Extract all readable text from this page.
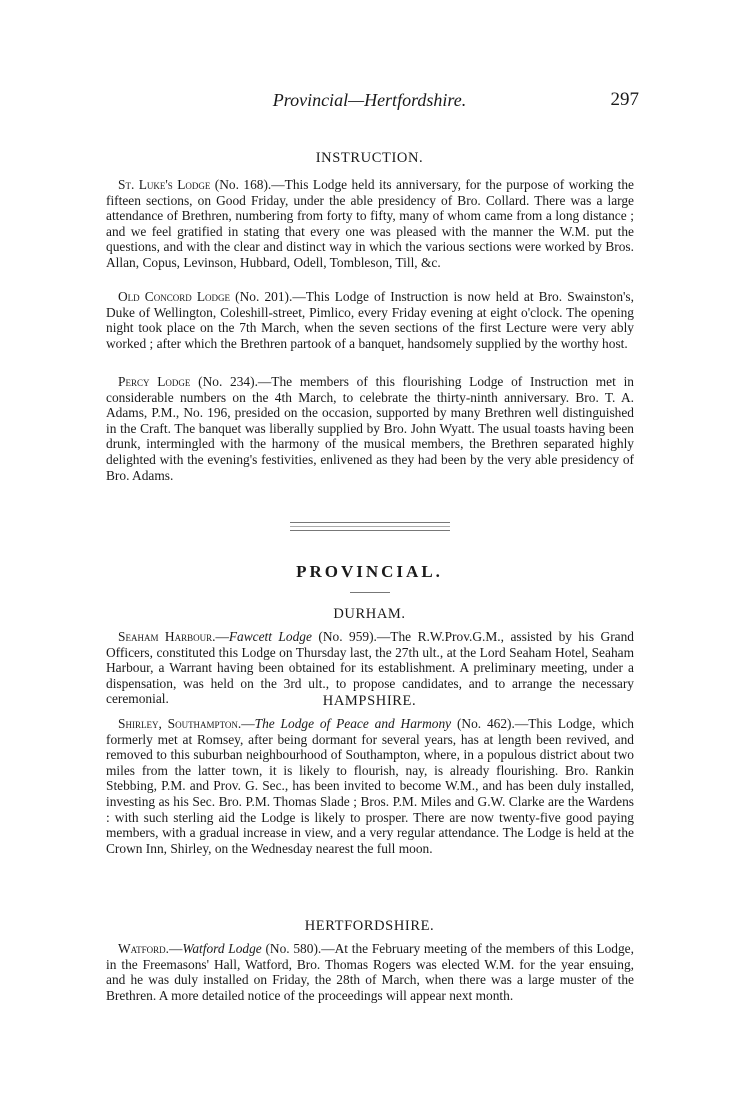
Provincial—Hertfordshire.	297
INSTRUCTION.

St. Luke's Lodge (No. 168).—This Lodge held its anniversary, for the purpose of working the fifteen sections, on Good Friday, under the able presidency of Bro. Collard. There was a large attendance of Brethren, numbering from forty to fifty, many of whom came from a long distance ; and we feel gratified in stating that every one was pleased with the manner the W.M. put the questions, and with the clear and distinct way in which the various sections were worked by Bros. Allan, Copus, Levinson, Hubbard, Odell, Tombleson, Till, &c.

Old Concord Lodge (No. 201).—This Lodge of Instruction is now held at Bro. Swainston's, Duke of Wellington, Coleshill-street, Pimlico, every Friday evening at eight o'clock. The opening night took place on the 7th March, when the seven sections of the first Lecture were very ably worked ; after which the Brethren partook of a banquet, handsomely supplied by the worthy host.

Percy Lodge (No. 234).—The members of this flourishing Lodge of Instruction met in considerable numbers on the 4th March, to celebrate the thirty-ninth anniversary. Bro. T. A. Adams, P.M., No. 196, presided on the occasion, supported by many Brethren well distinguished in the Craft. The banquet was liberally supplied by Bro. John Wyatt. The usual toasts having been drunk, intermingled with the harmony of the musical members, the Brethren separated highly delighted with the evening's festivities, enlivened as they had been by the very able presidency of Bro. Adams.

PROVINCIAL.
DURHAM.

Seaham Harbour.—Fawcett Lodge (No. 959).—The R.W.Prov.G.M., assisted by his Grand Officers, constituted this Lodge on Thursday last, the 27th ult., at the Lord Seaham Hotel, Seaham Harbour, a Warrant having been obtained for its establishment. A preliminary meeting, under a dispensation, was held on the 3rd ult., to propose candidates, and to arrange the necessary ceremonial.	HAMPSHIRE.

Shirley, Southampton.—The Lodge of Peace and Harmony (No. 462).—This Lodge, which formerly met at Romsey, after being dormant for several years, has at length been revived, and removed to this suburban neighbourhood of Southampton, where, in a populous district about two miles from the latter town, it is likely to flourish, nay, is already flourishing. Bro. Rankin Stebbing, P.M. and Prov. G. Sec., has been invited to become W.M., and has been duly installed, investing as his Sec. Bro. P.M. Thomas Slade ; Bros. P.M. Miles and G.W. Clarke are the Wardens : with such sterling aid the Lodge is likely to prosper. There are now twenty-five good paying members, with a gradual increase in view, and a very regular attendance. The Lodge is held at the Crown Inn, Shirley, on the Wednesday nearest the full moon.

HERTFORDSHIRE.

Watford.—Watford Lodge (No. 580).—At the February meeting of the members of this Lodge, in the Freemasons' Hall, Watford, Bro. Thomas Rogers was elected W.M. for the year ensuing, and he was duly installed on Friday, the 28th of March, when there was a large muster of the Brethren. A more detailed notice of the proceedings will appear next month.
